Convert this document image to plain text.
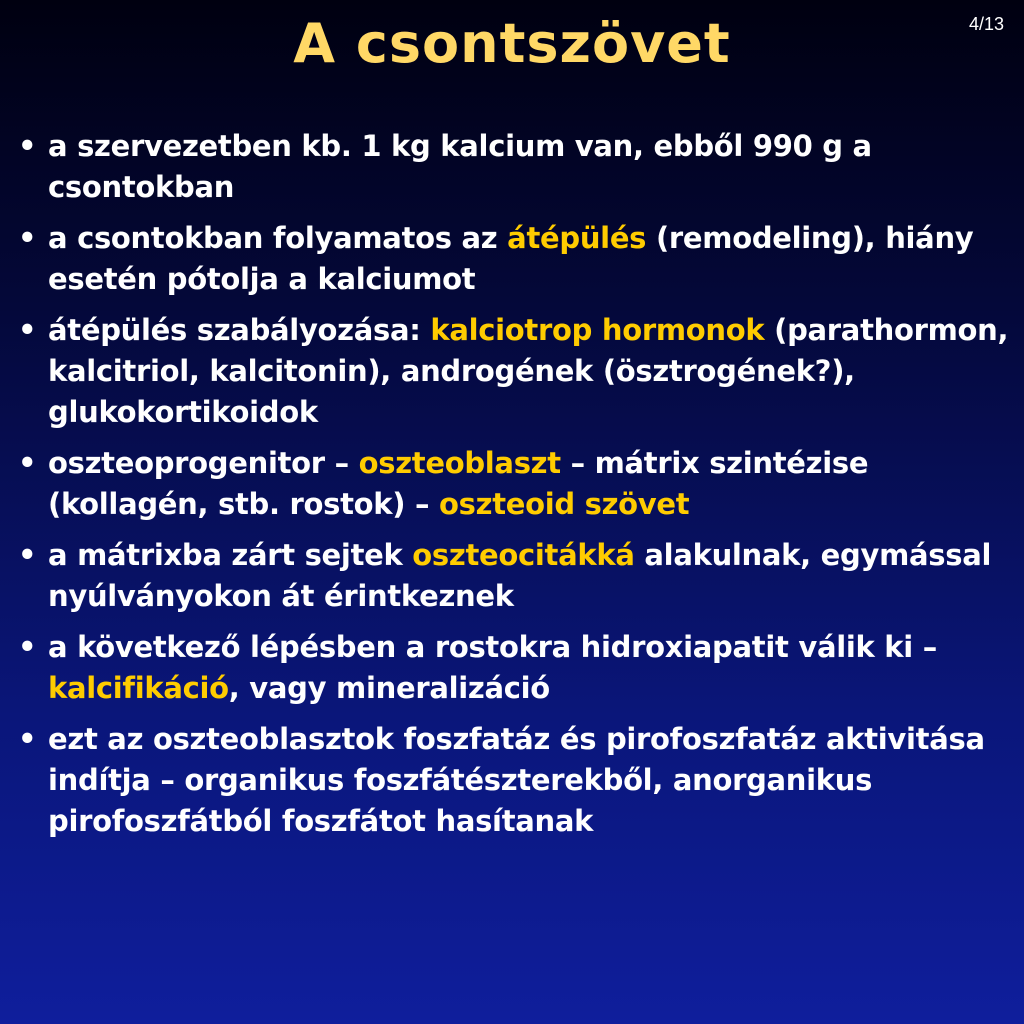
A csontszövet	4/13
• a szervezetben kb. 1 kg kalcium van, ebből 990 g a csontokban
• a csontokban folyamatos az átépülés (remodeling), hiány esetén pótolja a kalciumot
• átépülés szabályozása: kalciotrop hormonok (parathormon, kalcitriol, kalcitonin), androgének (ösztrogének?), glukokortikoidok
• oszteoprogenitor – oszteoblaszt – mátrix szintézise (kollagén, stb. rostok) – oszteoid szövet
• a mátrixba zárt sejtek oszteocitákká alakulnak, egymással nyúlványokon át érintkeznek
• a következő lépésben a rostokra hidroxiapatit válik ki – kalcifikáció, vagy mineralizáció
• ezt az oszteoblasztok foszfatáz és pirofoszfatáz aktivitása indítja – organikus foszfátészterekből, anorganikus pirofoszfátból foszfátot hasítanak
